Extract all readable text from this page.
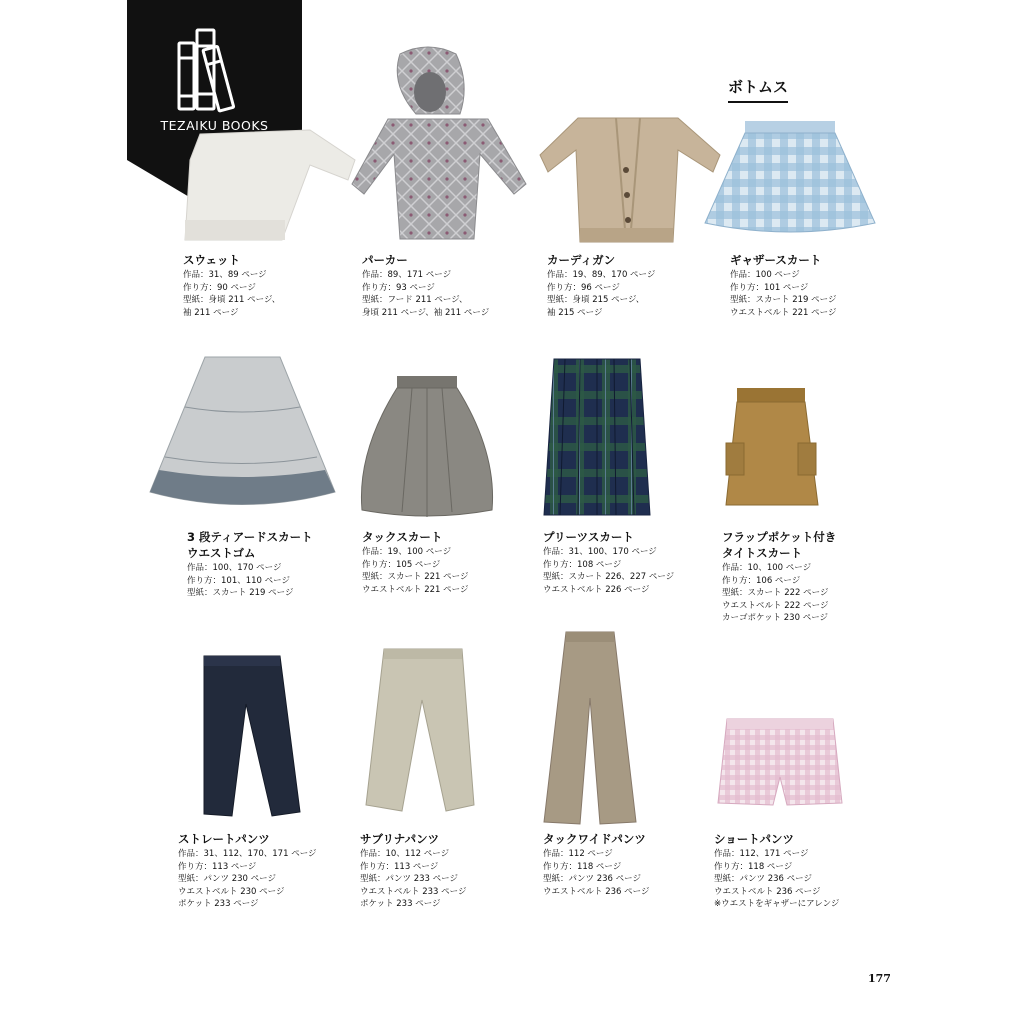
TEZAIKU BOOKS
ボトムス
スウェット
作品：31、89 ページ
作り方：90 ページ
型紙：身頃 211 ページ、
袖 211 ページ
パーカー
作品：89、171 ページ
作り方：93 ページ
型紙：フード 211 ページ、
身頃 211 ページ、袖 211 ページ
カーディガン
作品：19、89、170 ページ
作り方：96 ページ
型紙：身頃 215 ページ、
袖 215 ページ
ギャザースカート
作品：100 ページ
作り方：101 ページ
型紙：スカート 219 ページ
ウエストベルト 221 ページ
3 段ティアードスカート
ウエストゴム
作品：100、170 ページ
作り方：101、110 ページ
型紙：スカート 219 ページ
タックスカート
作品：19、100 ページ
作り方：105 ページ
型紙：スカート 221 ページ
ウエストベルト 221 ページ
プリーツスカート
作品：31、100、170 ページ
作り方：108 ページ
型紙：スカート 226、227 ページ
ウエストベルト 226 ページ
フラップポケット付き
タイトスカート
作品：10、100 ページ
作り方：106 ページ
型紙：スカート 222 ページ
ウエストベルト 222 ページ
カーゴポケット 230 ページ
ストレートパンツ
作品：31、112、170、171 ページ
作り方：113 ページ
型紙：パンツ 230 ページ
ウエストベルト 230 ページ
ポケット 233 ページ
サブリナパンツ
作品：10、112 ページ
作り方：113 ページ
型紙：パンツ 233 ページ
ウエストベルト 233 ページ
ポケット 233 ページ
タックワイドパンツ
作品：112 ページ
作り方：118 ページ
型紙：パンツ 236 ページ
ウエストベルト 236 ページ
ショートパンツ
作品：112、171 ページ
作り方：118 ページ
型紙：パンツ 236 ページ
ウエストベルト 236 ページ
※ウエストをギャザーにアレンジ
177
